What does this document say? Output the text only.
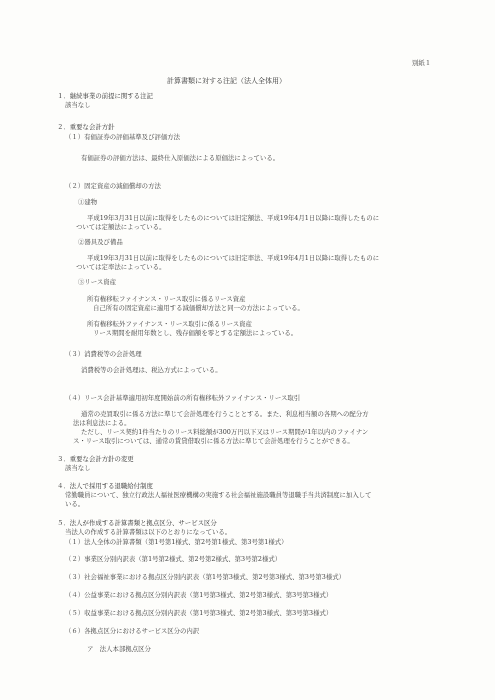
別紙１
計算書類に対する注記（法人全体用）
１．継続事業の前提に関する注記
該当なし
２．重要な会計方針
（１）有価証券の評価基準及び評価方法
有価証券の評価方法は、最終仕入原価法による原価法によっている。
（２）固定資産の減価償却の方法
①建物
平成19年3月31日以前に取得をしたものについては旧定額法、平成19年4月1日以降に取得したものに
ついては定額法によっている。
②器具及び備品
平成19年3月31日以前に取得をしたものについては旧定率法、平成19年4月1日以降に取得したものに
ついては定率法によっている。
③リース資産
所有権移転ファイナンス・リース取引に係るリース資産
自己所有の固定資産に適用する減価償却方法と同一の方法によっている。
所有権移転外ファイナンス・リース取引に係るリース資産
リース期間を耐用年数とし、残存価額を零とする定額法によっている。
（３）消費税等の会計処理
消費税等の会計処理は、税込方式によっている。
（４）リース会計基準適用初年度開始前の所有権移転外ファイナンス・リース取引
通常の売買取引に係る方法に準じて会計処理を行うこととする。また、利息相当額の各期への配分方
法は利息法による。
ただし、リース契約1件当たりのリース料総額が300万円以下又はリース期間が1年以内のファイナン
ス・リース取引については、通常の賃貸借取引に係る方法に準じて会計処理を行うことができる。
３．重要な会計方針の変更
該当なし
４．法人で採用する退職給付制度
常勤職員について、独立行政法人福祉医療機構の実施する社会福祉施設職員等退職手当共済制度に加入して
いる。
５．法人が作成する計算書類と拠点区分、サービス区分
当法人の作成する計算書類は以下のとおりになっている。
（１）法人全体の計算書類（第1号第1様式、第2号第1様式、第3号第1様式）
（２）事業区分別内訳表（第1号第2様式、第2号第2様式、第3号第2様式）
（３）社会福祉事業における拠点区分別内訳表（第1号第3様式、第2号第3様式、第3号第3様式）
（４）公益事業における拠点区分別内訳表（第1号第3様式、第2号第3様式、第3号第3様式）
（５）収益事業における拠点区分別内訳表（第1号第3様式、第2号第3様式、第3号第3様式）
（６）各拠点区分におけるサービス区分の内訳
ア　法人本部拠点区分
